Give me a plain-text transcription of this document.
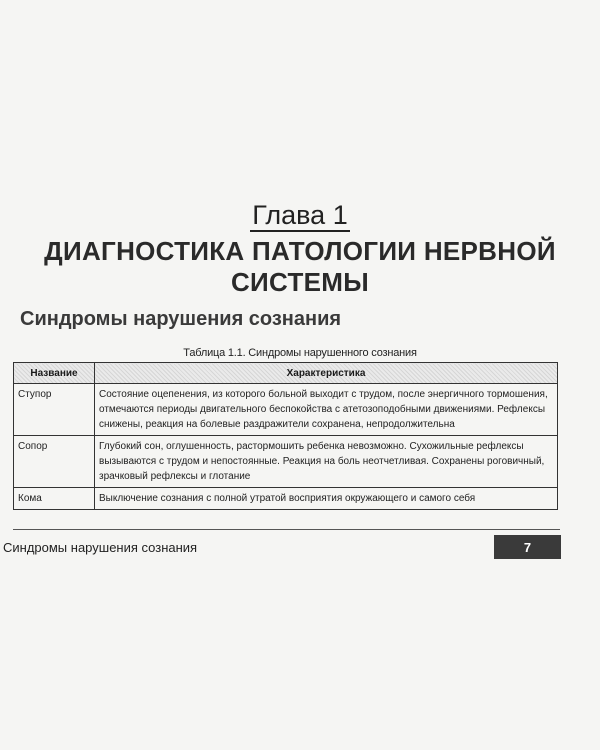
Глава 1
ДИАГНОСТИКА ПАТОЛОГИИ НЕРВНОЙ
СИСТЕМЫ
Синдромы нарушения сознания
Таблица 1.1. Синдромы нарушенного сознания
Название	Характеристика
Ступор	Состояние оцепенения, из которого больной выходит с трудом, после энергичного тормошения, отмечаются периоды двигательного беспокойства с атетозоподобными движениями. Рефлексы снижены, реакция на болевые раздражители сохранена, непродолжительна
Сопор	Глубокий сон, оглушенность, растормошить ребенка невозможно. Сухожильные рефлексы вызываются с трудом и непостоянные. Реакция на боль неотчетливая. Сохранены роговичный, зрачковый рефлексы и глотание
Кома	Выключение сознания с полной утратой восприятия окружающего и самого себя
Синдромы нарушения сознания	7
